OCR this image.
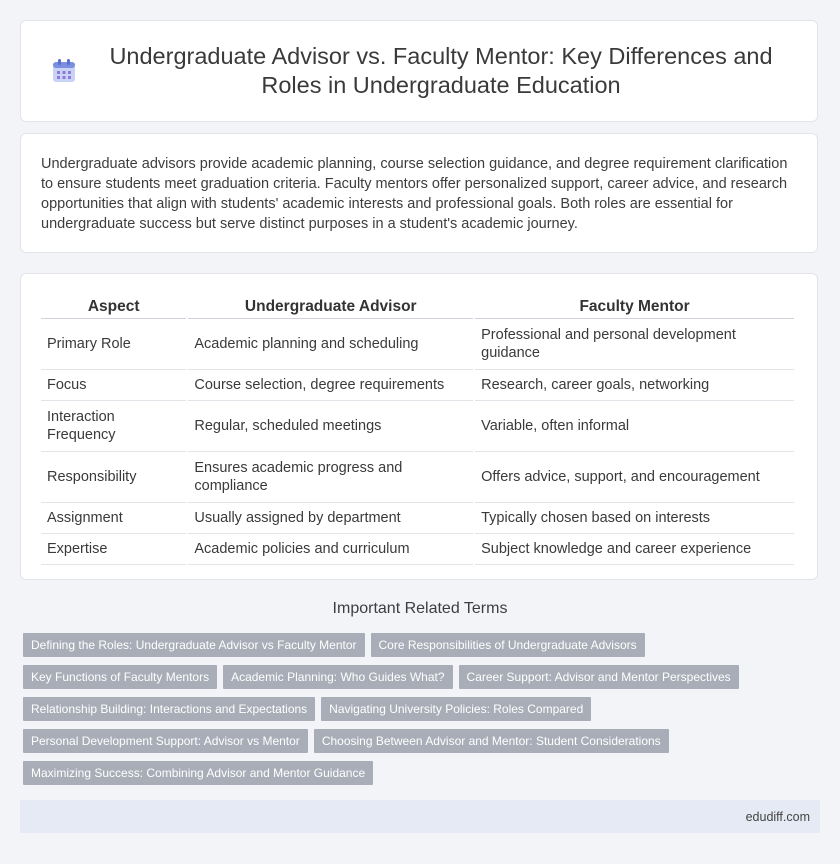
Undergraduate Advisor vs. Faculty Mentor: Key Differences and Roles in Undergraduate Education

Undergraduate advisors provide academic planning, course selection guidance, and degree requirement clarification to ensure students meet graduation criteria. Faculty mentors offer personalized support, career advice, and research opportunities that align with students' academic interests and professional goals. Both roles are essential for undergraduate success but serve distinct purposes in a student's academic journey.

Aspect	Undergraduate Advisor	Faculty Mentor
Primary Role	Academic planning and scheduling	Professional and personal development guidance
Focus	Course selection, degree requirements	Research, career goals, networking
Interaction Frequency	Regular, scheduled meetings	Variable, often informal
Responsibility	Ensures academic progress and compliance	Offers advice, support, and encouragement
Assignment	Usually assigned by department	Typically chosen based on interests
Expertise	Academic policies and curriculum	Subject knowledge and career experience
Important Related Terms
Defining the Roles: Undergraduate Advisor vs Faculty Mentor Core Responsibilities of Undergraduate Advisors
Key Functions of Faculty Mentors Academic Planning: Who Guides What? Career Support: Advisor and Mentor Perspectives
Relationship Building: Interactions and Expectations Navigating University Policies: Roles Compared
Personal Development Support: Advisor vs Mentor Choosing Between Advisor and Mentor: Student Considerations
Maximizing Success: Combining Advisor and Mentor Guidance
edudiff.com
